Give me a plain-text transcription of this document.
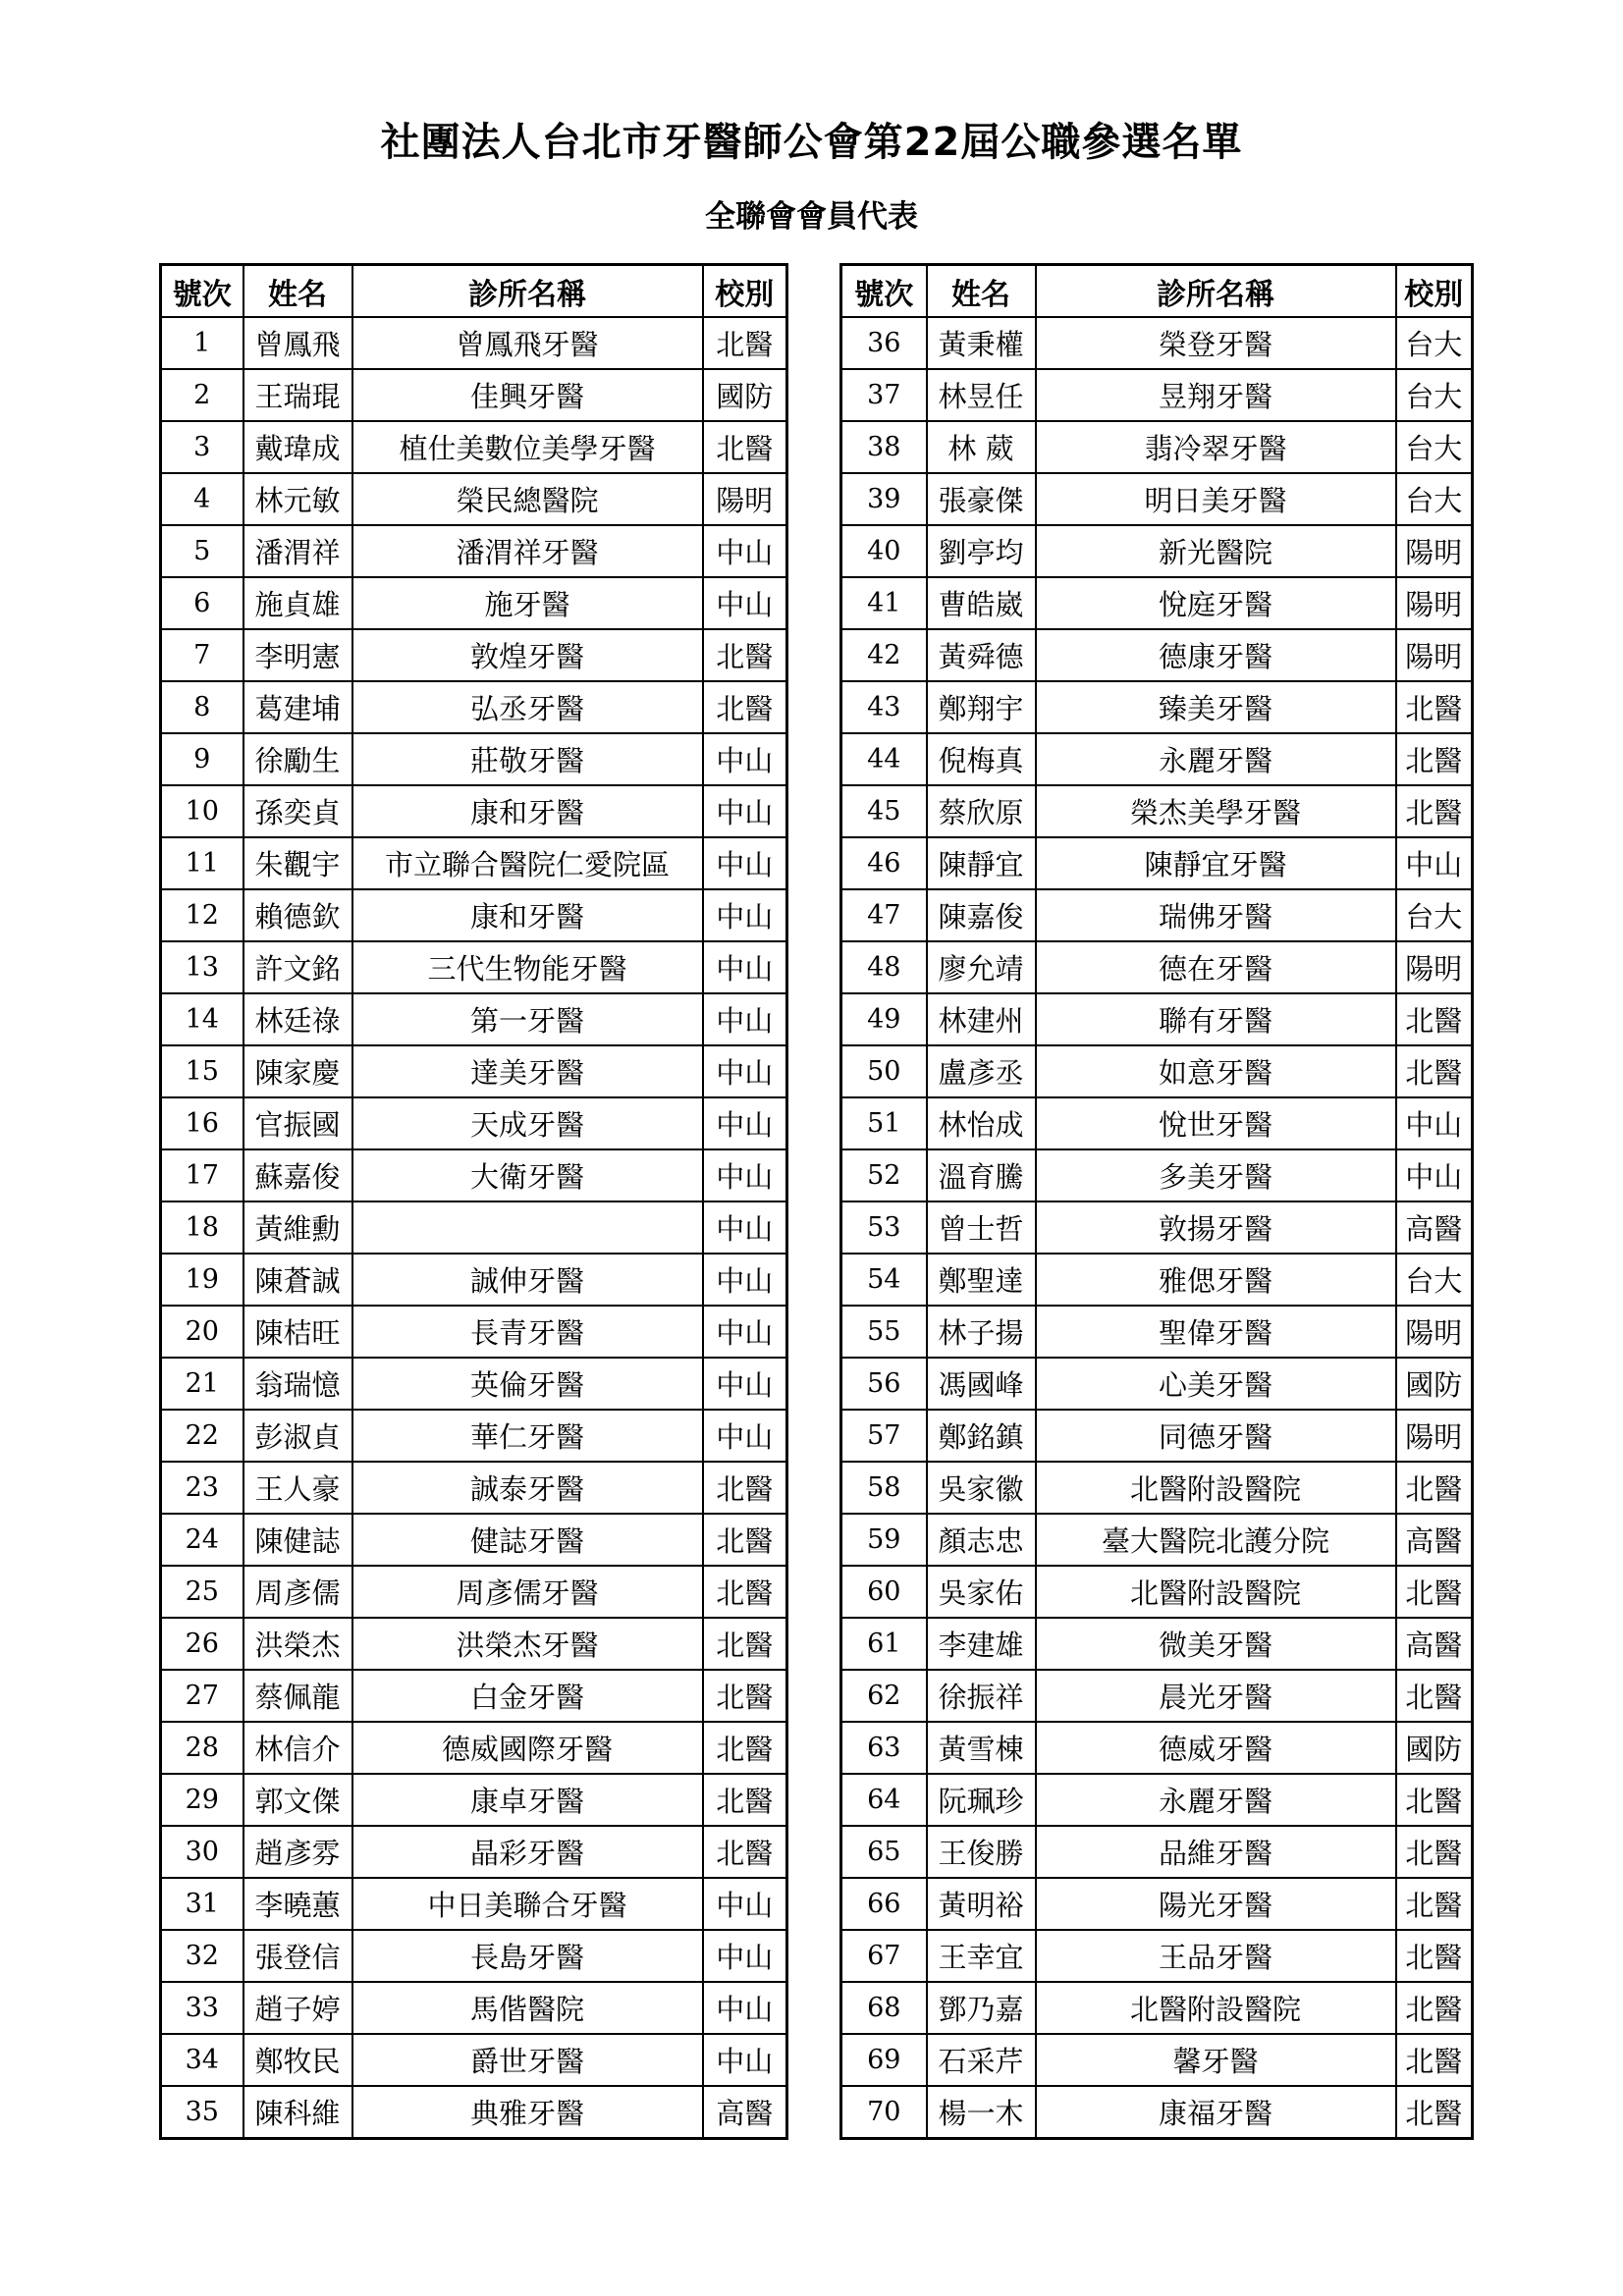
社團法人台北市牙醫師公會第22屆公職參選名單
全聯會會員代表
號次	姓名	診所名稱	校別
1	曾鳳飛	曾鳳飛牙醫	北醫
2	王瑞琨	佳興牙醫	國防
3	戴瑋成	植仕美數位美學牙醫	北醫
4	林元敏	榮民總醫院	陽明
5	潘渭祥	潘渭祥牙醫	中山
6	施貞雄	施牙醫	中山
7	李明憲	敦煌牙醫	北醫
8	葛建埔	弘丞牙醫	北醫
9	徐勵生	莊敬牙醫	中山
10	孫奕貞	康和牙醫	中山
11	朱觀宇	市立聯合醫院仁愛院區	中山
12	賴德欽	康和牙醫	中山
13	許文銘	三代生物能牙醫	中山
14	林廷祿	第一牙醫	中山
15	陳家慶	達美牙醫	中山
16	官振國	天成牙醫	中山
17	蘇嘉俊	大衛牙醫	中山
18	黃維勳		中山
19	陳蒼誠	誠伸牙醫	中山
20	陳桔旺	長青牙醫	中山
21	翁瑞憶	英倫牙醫	中山
22	彭淑貞	華仁牙醫	中山
23	王人豪	誠泰牙醫	北醫
24	陳健誌	健誌牙醫	北醫
25	周彥儒	周彥儒牙醫	北醫
26	洪榮杰	洪榮杰牙醫	北醫
27	蔡佩龍	白金牙醫	北醫
28	林信介	德威國際牙醫	北醫
29	郭文傑	康卓牙醫	北醫
30	趙彥雰	晶彩牙醫	北醫
31	李曉蕙	中日美聯合牙醫	中山
32	張登信	長島牙醫	中山
33	趙子婷	馬偕醫院	中山
34	鄭牧民	爵世牙醫	中山
35	陳科維	典雅牙醫	高醫
號次	姓名	診所名稱	校別
36	黃秉權	榮登牙醫	台大
37	林昱任	昱翔牙醫	台大
38	林 葳	翡冷翠牙醫	台大
39	張豪傑	明日美牙醫	台大
40	劉亭均	新光醫院	陽明
41	曹皓崴	悅庭牙醫	陽明
42	黃舜德	德康牙醫	陽明
43	鄭翔宇	臻美牙醫	北醫
44	倪梅真	永麗牙醫	北醫
45	蔡欣原	榮杰美學牙醫	北醫
46	陳靜宜	陳靜宜牙醫	中山
47	陳嘉俊	瑞佛牙醫	台大
48	廖允靖	德在牙醫	陽明
49	林建州	聯有牙醫	北醫
50	盧彥丞	如意牙醫	北醫
51	林怡成	悅世牙醫	中山
52	溫育騰	多美牙醫	中山
53	曾士哲	敦揚牙醫	高醫
54	鄭聖達	雅偲牙醫	台大
55	林子揚	聖偉牙醫	陽明
56	馮國峰	心美牙醫	國防
57	鄭銘鎮	同德牙醫	陽明
58	吳家徽	北醫附設醫院	北醫
59	顏志忠	臺大醫院北護分院	高醫
60	吳家佑	北醫附設醫院	北醫
61	李建雄	微美牙醫	高醫
62	徐振祥	晨光牙醫	北醫
63	黃雪棟	德威牙醫	國防
64	阮珮珍	永麗牙醫	北醫
65	王俊勝	品維牙醫	北醫
66	黃明裕	陽光牙醫	北醫
67	王幸宜	王品牙醫	北醫
68	鄧乃嘉	北醫附設醫院	北醫
69	石采芹	馨牙醫	北醫
70	楊一木	康福牙醫	北醫
